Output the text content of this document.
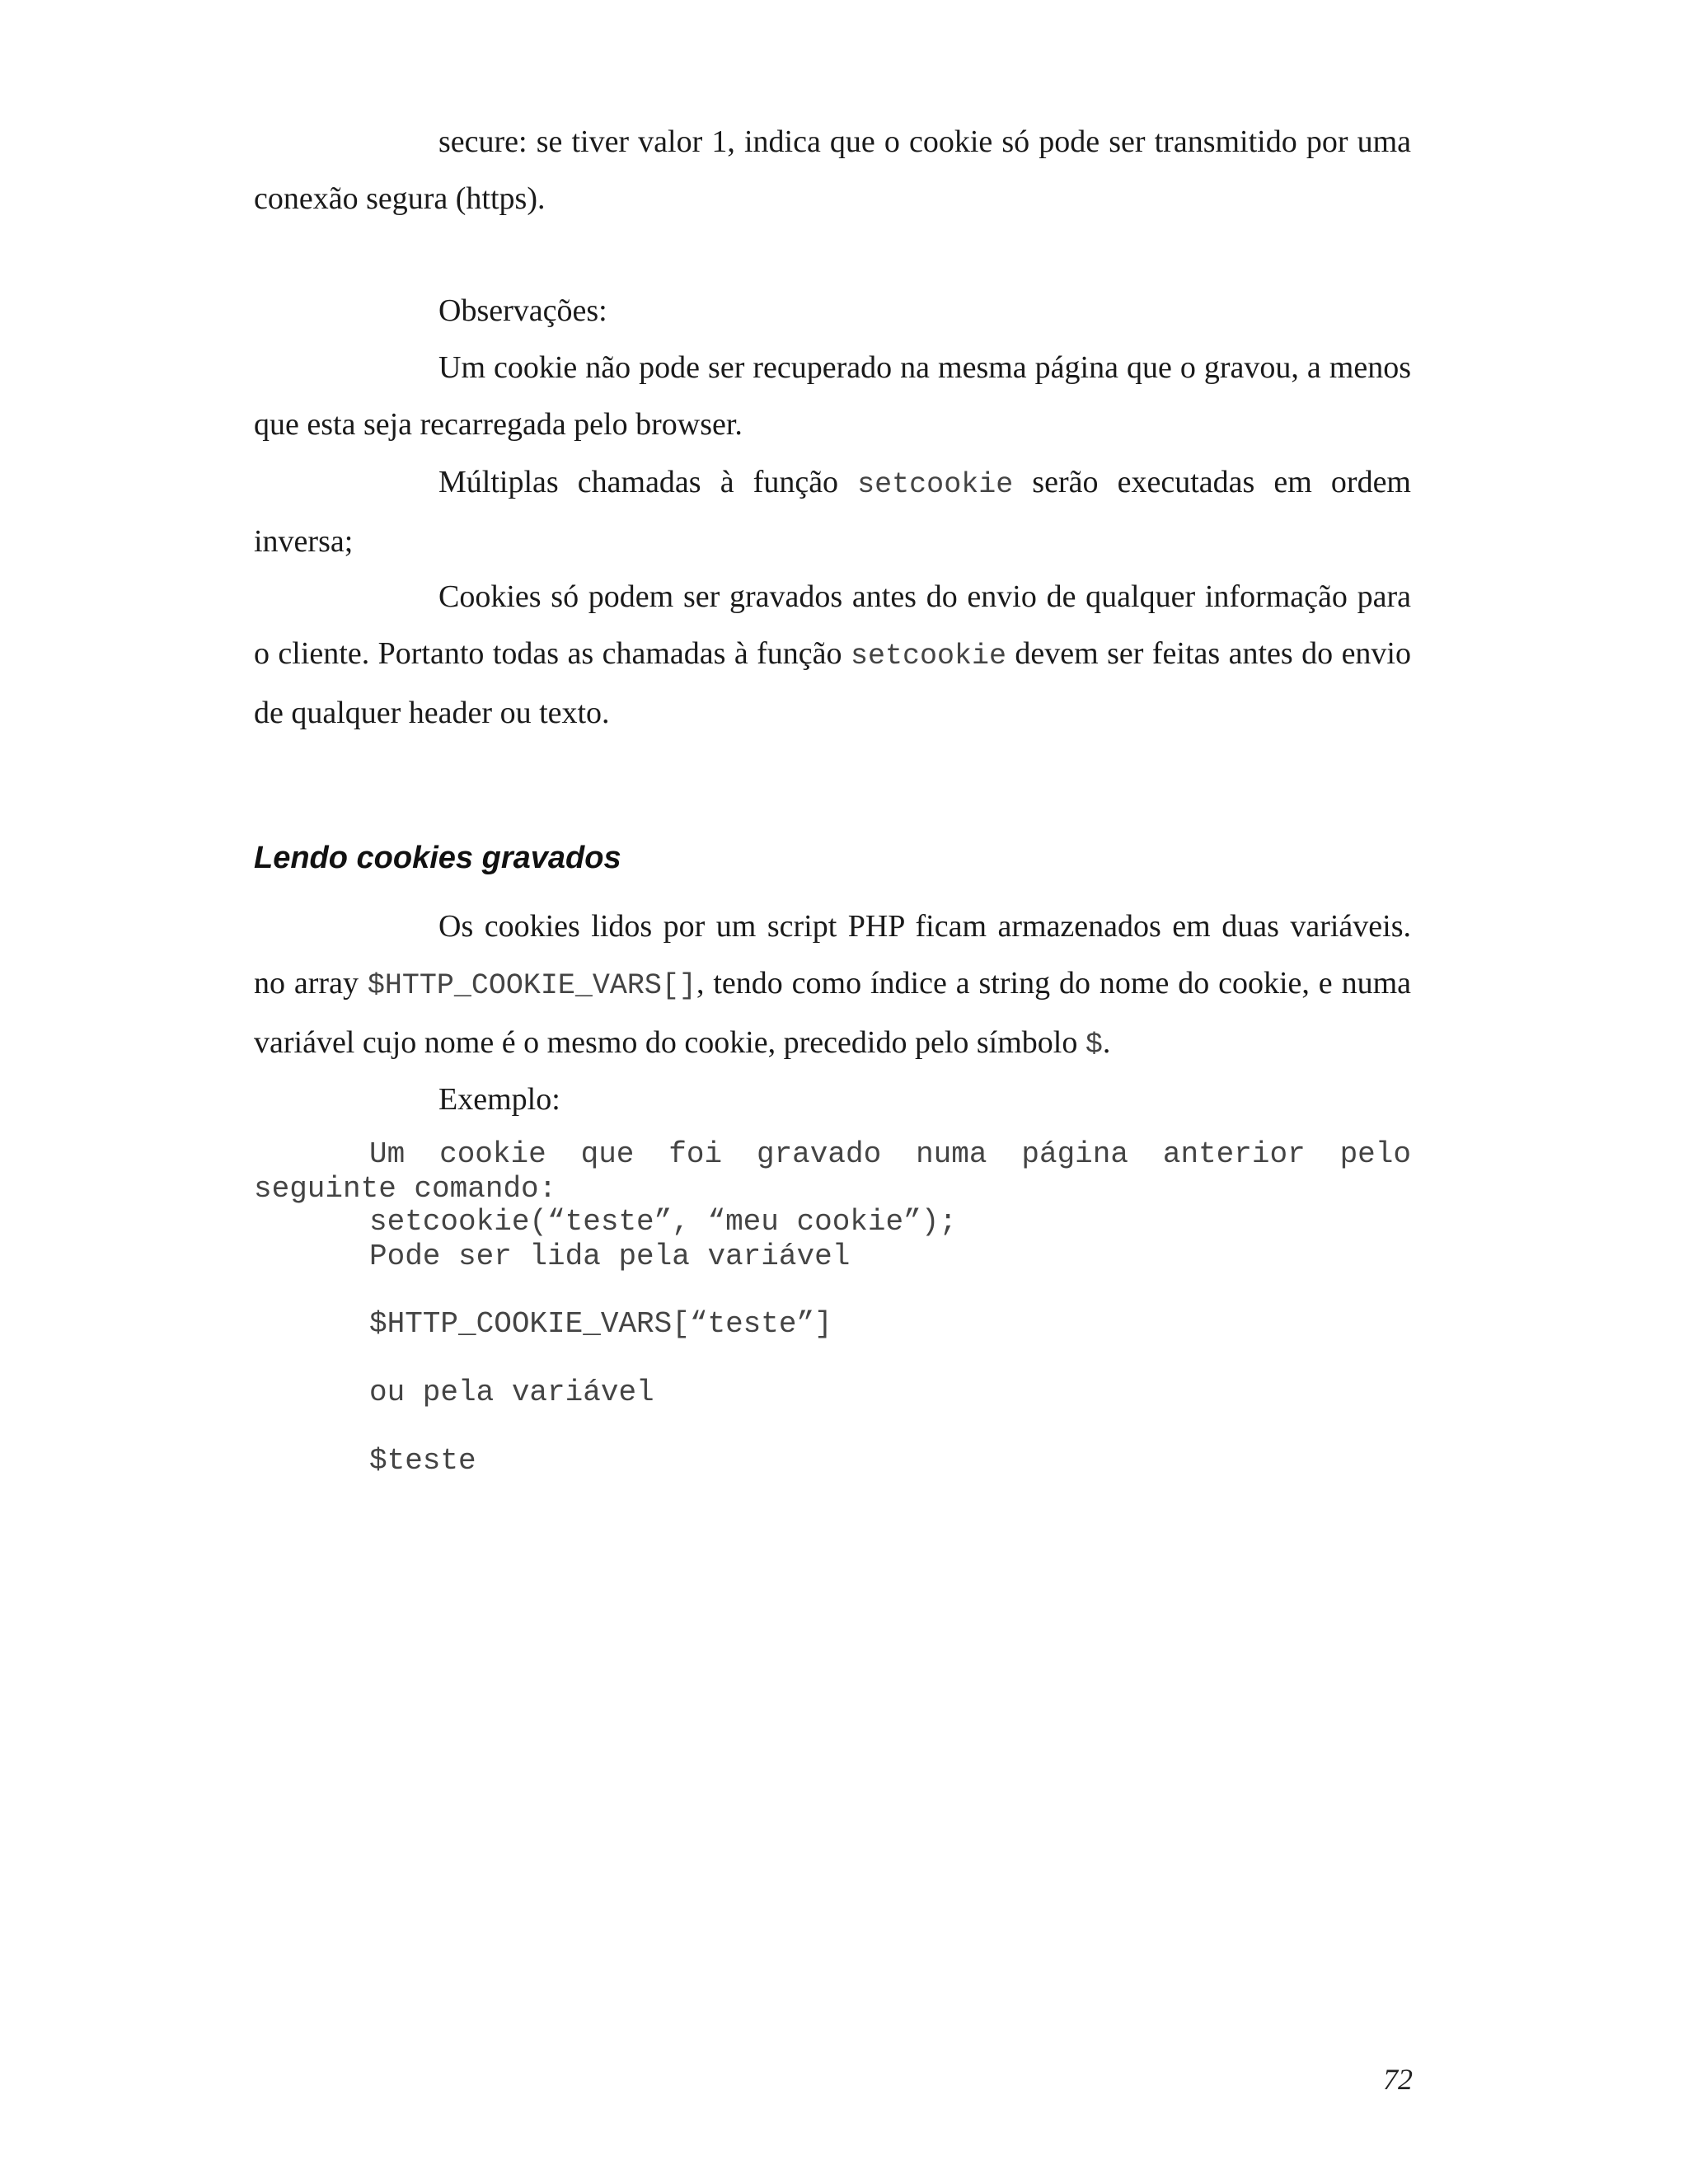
secure: se tiver valor 1, indica que o cookie só pode ser transmitido por uma conexão segura (https).

Observações:

Um cookie não pode ser recuperado na mesma página que o gravou, a menos que esta seja recarregada pelo browser.

Múltiplas chamadas à função setcookie serão executadas em ordem inversa;

Cookies só podem ser gravados antes do envio de qualquer informação para o cliente. Portanto todas as chamadas à função setcookie devem ser feitas antes do envio de qualquer header ou texto.

Lendo cookies gravados

Os cookies lidos por um script PHP ficam armazenados em duas variáveis. no array $HTTP_COOKIE_VARS[], tendo como índice a string do nome do cookie, e numa variável cujo nome é o mesmo do cookie, precedido pelo símbolo $.

Exemplo:

Um cookie que foi gravado numa página anterior pelo
seguinte comando:
setcookie(“teste”, “meu cookie”);
Pode ser lida pela variável
$HTTP_COOKIE_VARS[“teste”]
ou pela variável
$teste
72
